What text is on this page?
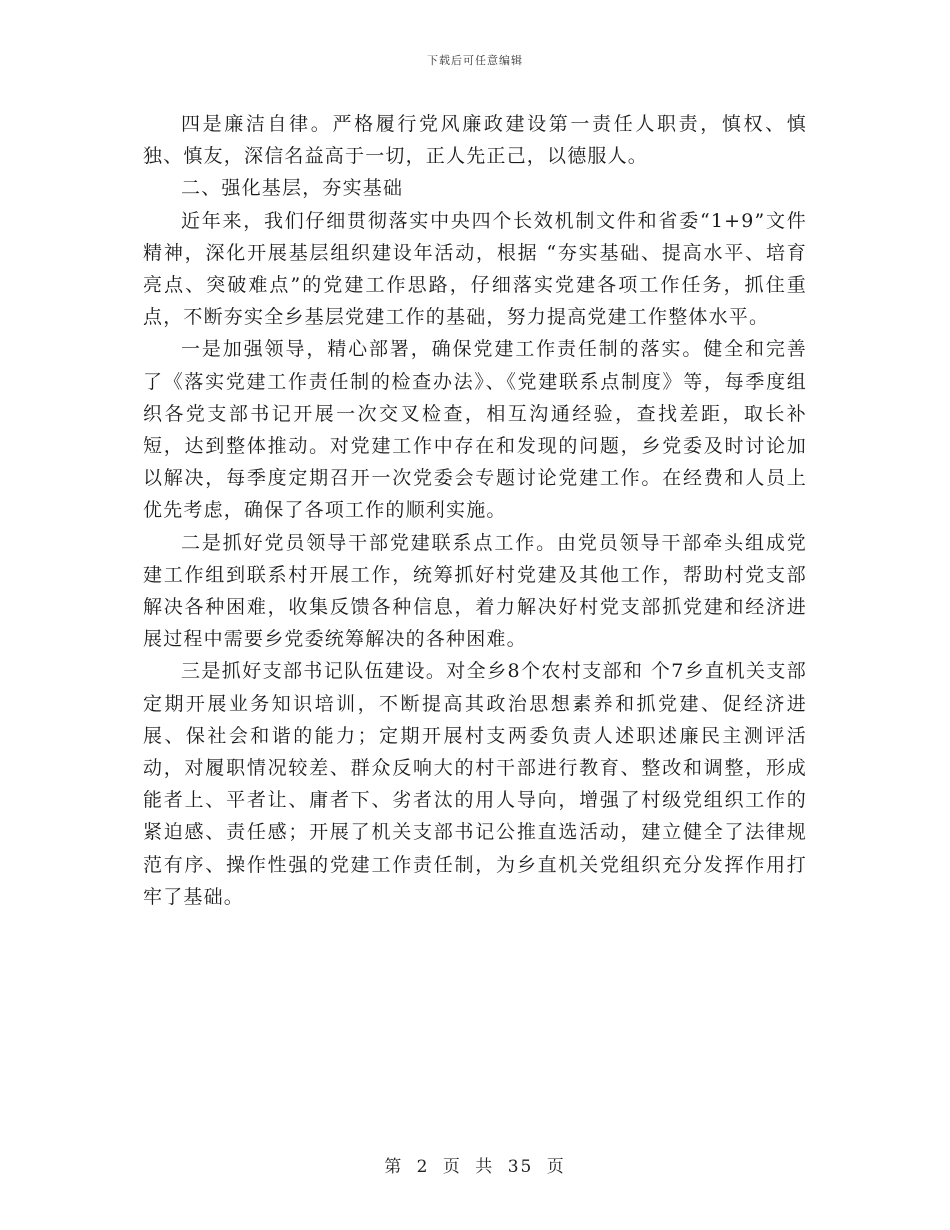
下载后可任意编辑

四是廉洁自律。严格履行党风廉政建设第一责任人职责，慎权、慎独、慎友，深信名益高于一切，正人先正己，以德服人。

二、强化基层，夯实基础

近年来，我们仔细贯彻落实中央四个长效机制文件和省委“1+9”文件精神，深化开展基层组织建设年活动，根据 “夯实基础、提高水平、培育亮点、突破难点”的党建工作思路，仔细落实党建各项工作任务，抓住重点，不断夯实全乡基层党建工作的基础，努力提高党建工作整体水平。

一是加强领导，精心部署，确保党建工作责任制的落实。健全和完善了《落实党建工作责任制的检查办法》、《党建联系点制度》等，每季度组织各党支部书记开展一次交叉检查，相互沟通经验，查找差距，取长补短，达到整体推动。对党建工作中存在和发现的问题，乡党委及时讨论加以解决，每季度定期召开一次党委会专题讨论党建工作。在经费和人员上优先考虑，确保了各项工作的顺利实施。

二是抓好党员领导干部党建联系点工作。由党员领导干部牵头组成党建工作组到联系村开展工作，统筹抓好村党建及其他工作，帮助村党支部解决各种困难，收集反馈各种信息，着力解决好村党支部抓党建和经济进展过程中需要乡党委统筹解决的各种困难。

三是抓好支部书记队伍建设。对全乡8个农村支部和 个7乡直机关支部定期开展业务知识培训，不断提高其政治思想素养和抓党建、促经济进展、保社会和谐的能力；定期开展村支两委负责人述职述廉民主测评活动，对履职情况较差、群众反响大的村干部进行教育、整改和调整，形成能者上、平者让、庸者下、劣者汰的用人导向，增强了村级党组织工作的紧迫感、责任感；开展了机关支部书记公推直选活动，建立健全了法律规范有序、操作性强的党建工作责任制，为乡直机关党组织充分发挥作用打牢了基础。

第 2 页 共 35 页
